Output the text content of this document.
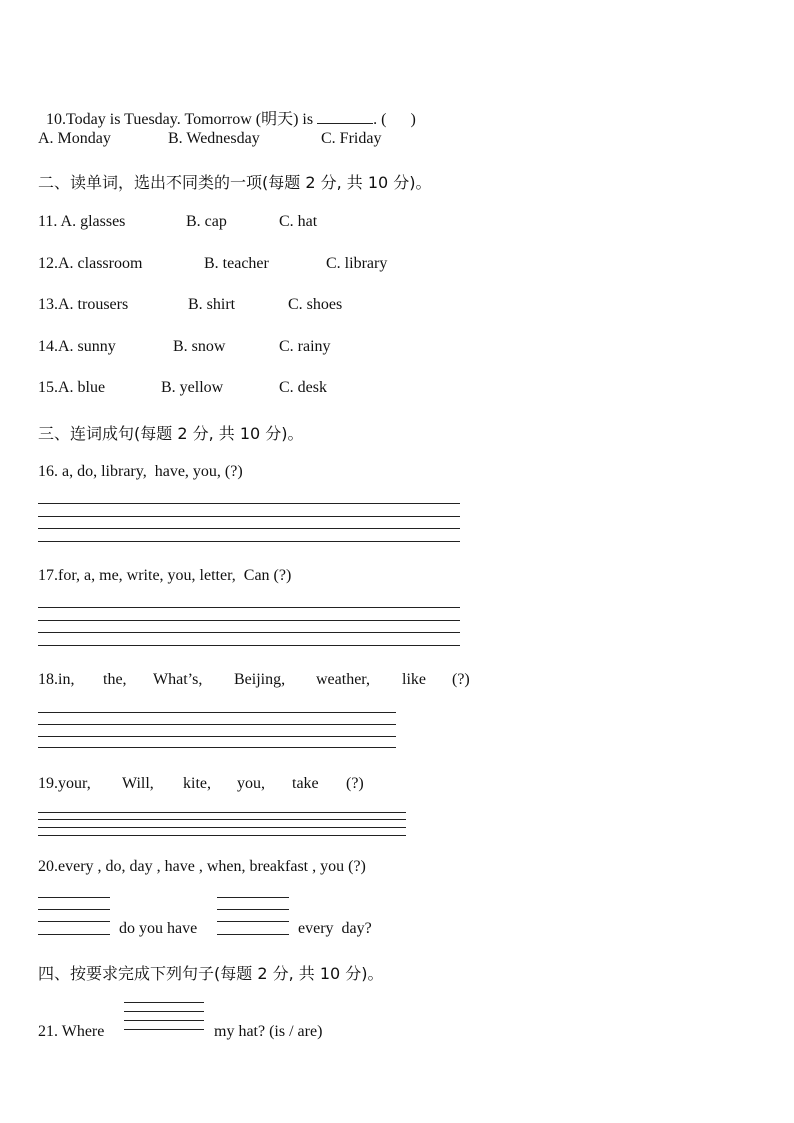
10.Today is Tuesday. Tomorrow (明天) is	. (      )

A. Monday	B. Wednesday	C. Friday
二、读单词，选出不同类的一项(每题 2 分, 共 10 分)。
11. A. glasses	B. cap	C. hat
12.A. classroom	B. teacher	C. library
13.A. trousers	B. shirt	C. shoes
14.A. sunny	B. snow	C. rainy
15.A. blue	B. yellow	C. desk
三、连词成句(每题 2 分, 共 10 分)。
16. a, do, library,  have, you, (?)
17.for, a, me, write, you, letter,  Can (?)
18.in, the, What’s, Beijing, weather, like (?)
19.your, Will, kite, you, take (?)
20.every , do, day , have , when, breakfast , you (?)
do you have	every  day?
四、按要求完成下列句子(每题 2 分, 共 10 分)。
21. Where	my hat? (is / are)
